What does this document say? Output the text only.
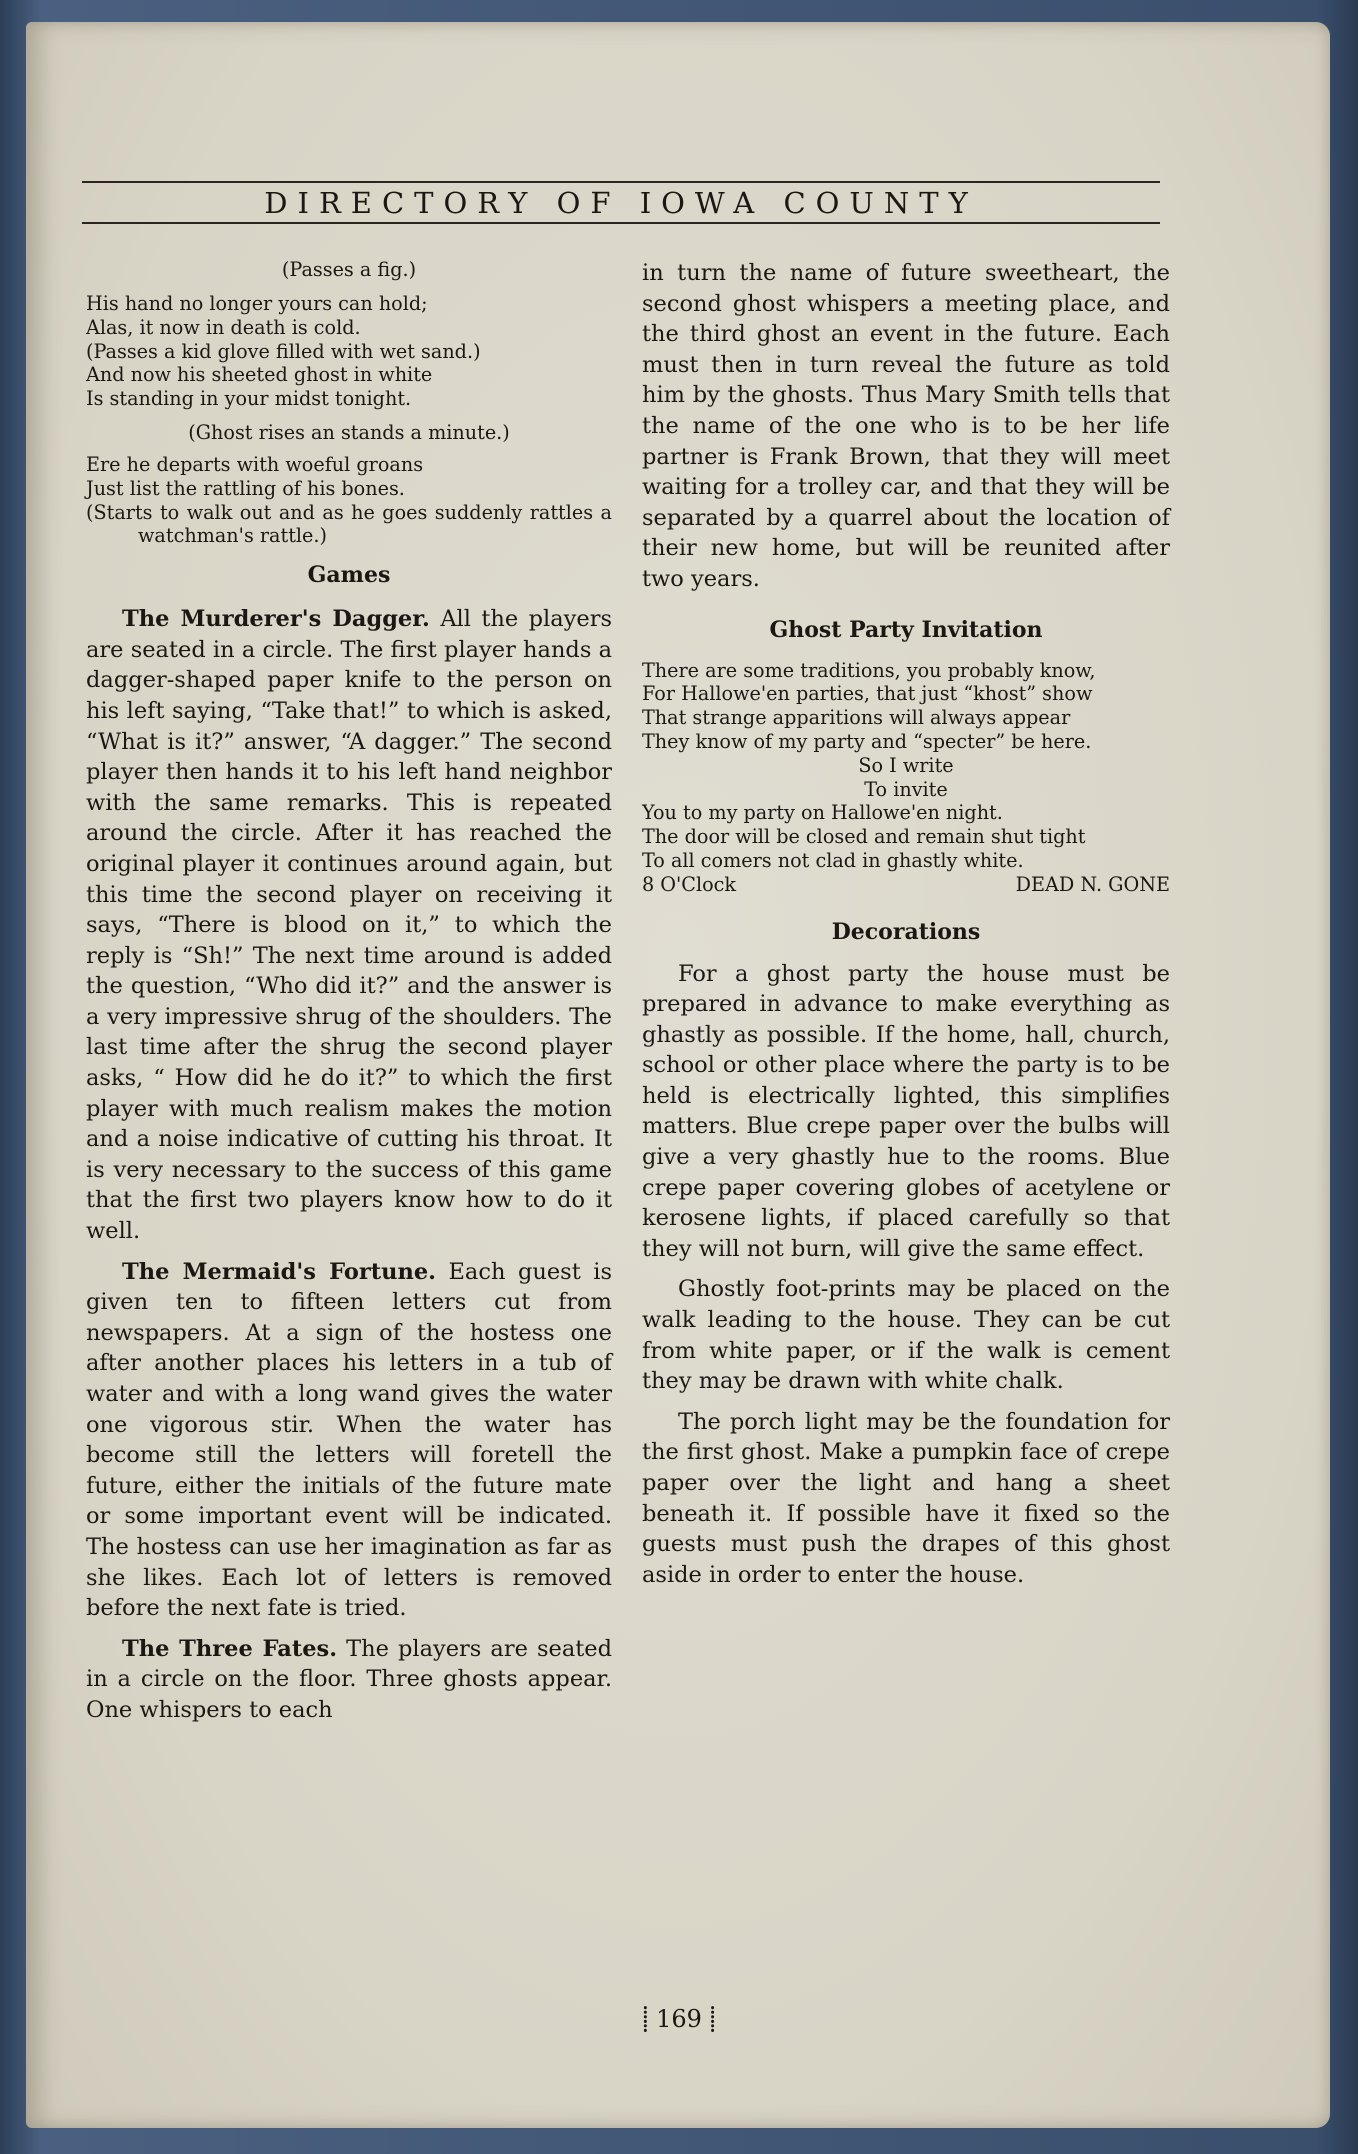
DIRECTORY OF IOWA COUNTY

(Passes a fig.)

His hand no longer yours can hold;
Alas, it now in death is cold.
(Passes a kid glove filled with wet sand.)
And now his sheeted ghost in white
Is standing in your midst tonight.

(Ghost rises an stands a minute.)

Ere he departs with woeful groans
Just list the rattling of his bones.
(Starts to walk out and as he goes suddenly rattles a watchman's rattle.)

Games

The Murderer's Dagger. All the players are seated in a circle. The first player hands a dagger-shaped paper knife to the person on his left saying, “Take that!” to which is asked, “What is it?” answer, “A dagger.” The second player then hands it to his left hand neighbor with the same remarks. This is repeated around the circle. After it has reached the original player it continues around again, but this time the second player on receiving it says, “There is blood on it,” to which the reply is “Sh!” The next time around is added the question, “Who did it?” and the answer is a very impressive shrug of the shoulders. The last time after the shrug the second player asks, “ How did he do it?” to which the first player with much realism makes the motion and a noise indicative of cutting his throat. It is very necessary to the success of this game that the first two players know how to do it well.

The Mermaid's Fortune. Each guest is given ten to fifteen letters cut from newspapers. At a sign of the hostess one after another places his letters in a tub of water and with a long wand gives the water one vigorous stir. When the water has become still the letters will foretell the future, either the initials of the future mate or some important event will be indicated. The hostess can use her imagination as far as she likes. Each lot of letters is removed before the next fate is tried.

The Three Fates. The players are seated in a circle on the floor. Three ghosts appear. One whispers to each

in turn the name of future sweetheart, the second ghost whispers a meeting place, and the third ghost an event in the future. Each must then in turn reveal the future as told him by the ghosts. Thus Mary Smith tells that the name of the one who is to be her life partner is Frank Brown, that they will meet waiting for a trolley car, and that they will be separated by a quarrel about the location of their new home, but will be reunited after two years.

Ghost Party Invitation

There are some traditions, you probably know,
For Hallowe'en parties, that just “khost” show
That strange apparitions will always appear
They know of my party and “specter” be here.
So I write
To invite
You to my party on Hallowe'en night.
The door will be closed and remain shut tight
To all comers not clad in ghastly white.
8 O'Clock	DEAD N. GONE

Decorations

For a ghost party the house must be prepared in advance to make everything as ghastly as possible. If the home, hall, church, school or other place where the party is to be held is electrically lighted, this simplifies matters. Blue crepe paper over the bulbs will give a very ghastly hue to the rooms. Blue crepe paper covering globes of acetylene or kerosene lights, if placed carefully so that they will not burn, will give the same effect.

Ghostly foot-prints may be placed on the walk leading to the house. They can be cut from white paper, or if the walk is cement they may be drawn with white chalk.

The porch light may be the foundation for the first ghost. Make a pumpkin face of crepe paper over the light and hang a sheet beneath it. If possible have it fixed so the guests must push the drapes of this ghost aside in order to enter the house.

⸽ 169 ⸽
